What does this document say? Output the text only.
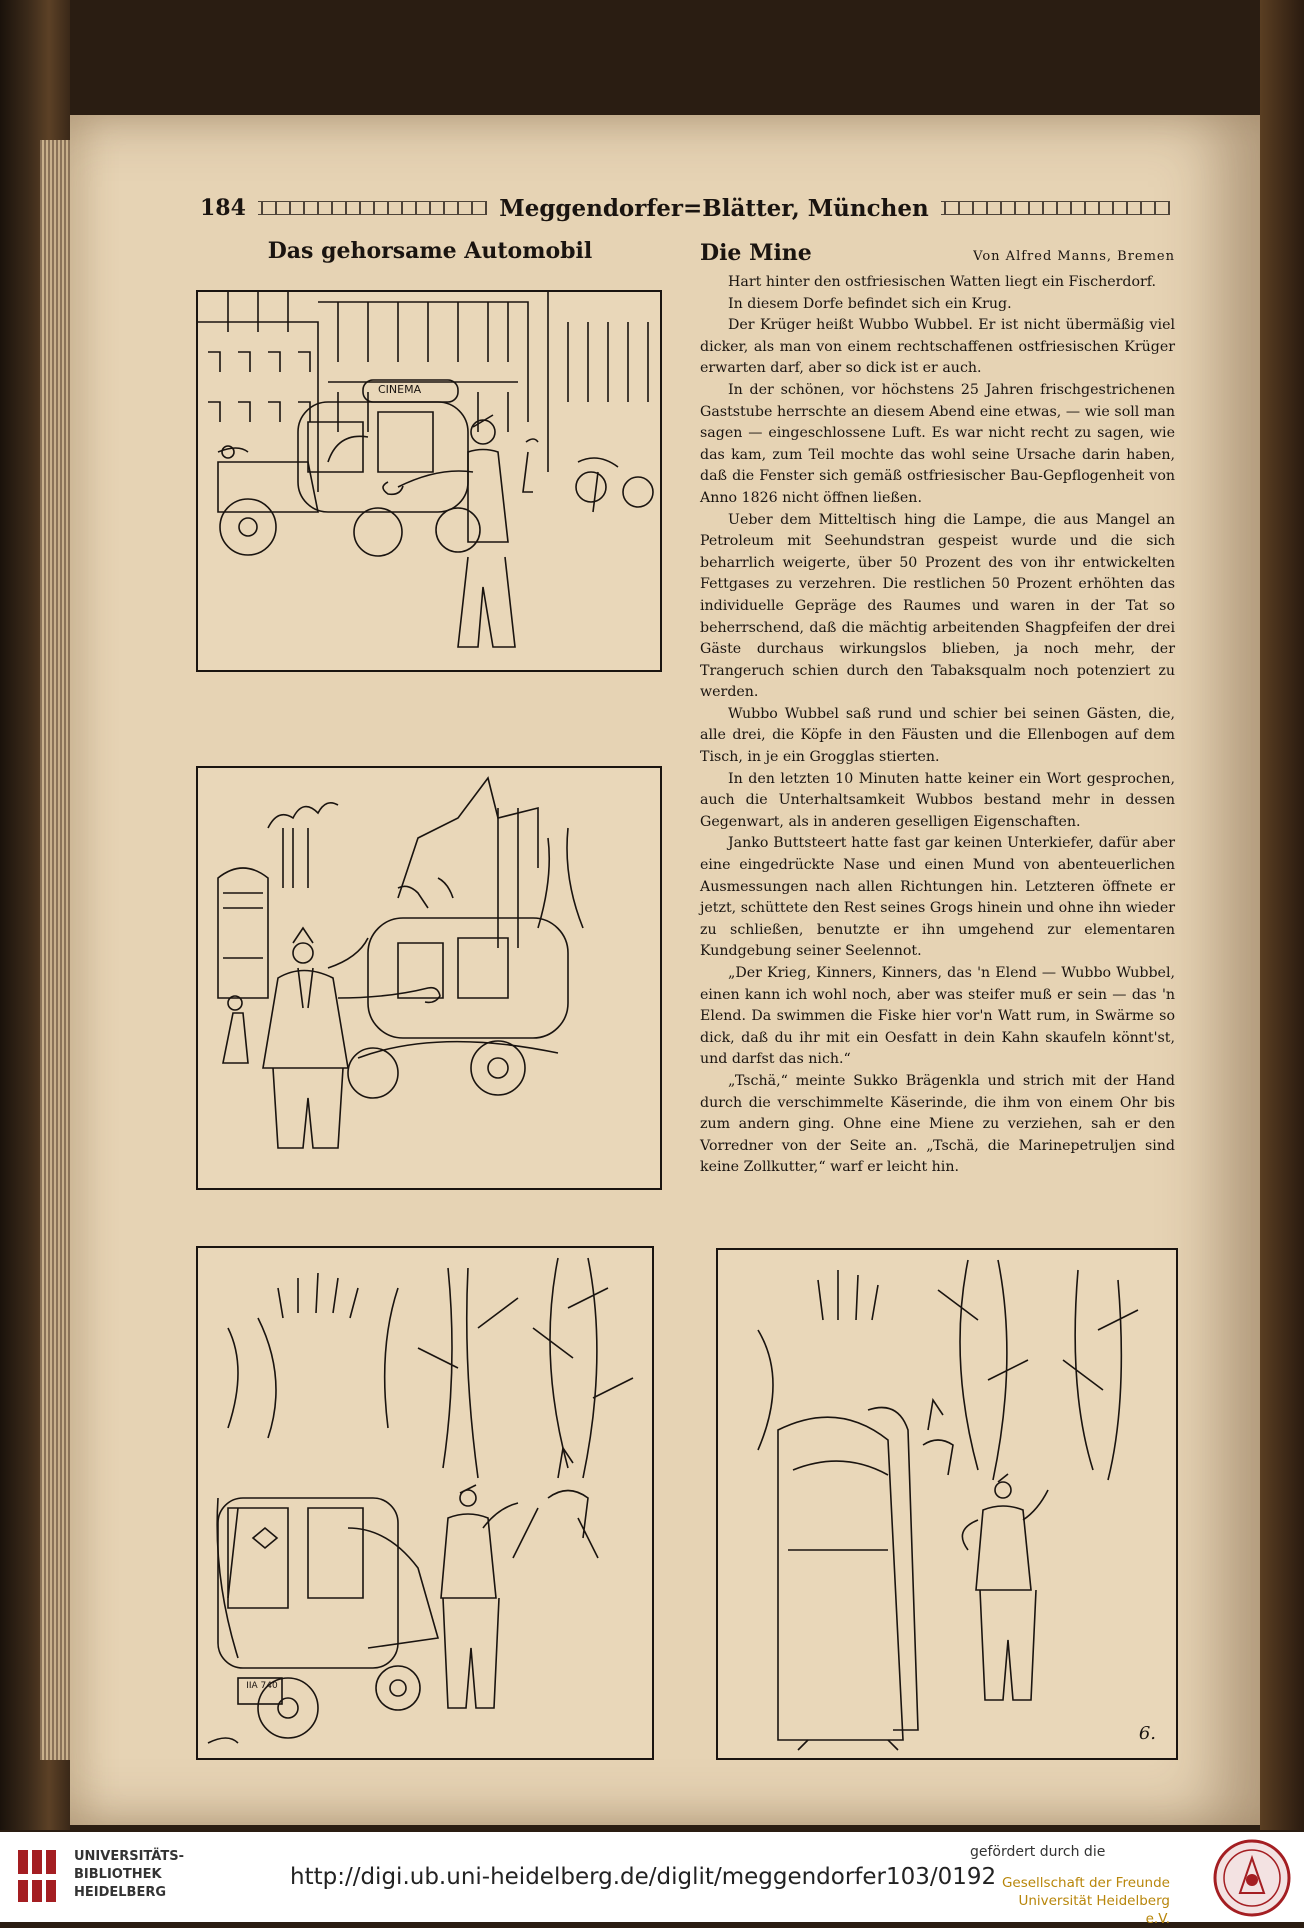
184	Meggendorfer=Blätter, München
Das gehorsame Automobil
CINEMA
IIA 740
6.
Die Mine	Von Alfred Manns, Bremen

Hart hinter den ostfriesischen Watten liegt ein Fischerdorf.

In diesem Dorfe befindet sich ein Krug.

Der Krüger heißt Wubbo Wubbel. Er ist nicht übermäßig viel dicker, als man von einem rechtschaffenen ostfriesischen Krüger erwarten darf, aber so dick ist er auch.

In der schönen, vor höchstens 25 Jahren frischgestrichenen Gaststube herrschte an diesem Abend eine etwas, — wie soll man sagen — eingeschlossene Luft. Es war nicht recht zu sagen, wie das kam, zum Teil mochte das wohl seine Ursache darin haben, daß die Fenster sich gemäß ostfriesischer Bau-Gepflogenheit von Anno 1826 nicht öffnen ließen.

Ueber dem Mitteltisch hing die Lampe, die aus Mangel an Petroleum mit Seehundstran gespeist wurde und die sich beharrlich weigerte, über 50 Prozent des von ihr entwickelten Fettgases zu verzehren. Die restlichen 50 Prozent erhöhten das individuelle Gepräge des Raumes und waren in der Tat so beherrschend, daß die mächtig arbeitenden Shagpfeifen der drei Gäste durchaus wirkungslos blieben, ja noch mehr, der Trangeruch schien durch den Tabaksqualm noch potenziert zu werden.

Wubbo Wubbel saß rund und schier bei seinen Gästen, die, alle drei, die Köpfe in den Fäusten und die Ellenbogen auf dem Tisch, in je ein Grogglas stierten.

In den letzten 10 Minuten hatte keiner ein Wort gesprochen, auch die Unterhaltsamkeit Wubbos bestand mehr in dessen Gegenwart, als in anderen geselligen Eigenschaften.

Janko Buttsteert hatte fast gar keinen Unterkiefer, dafür aber eine eingedrückte Nase und einen Mund von abenteuerlichen Ausmessungen nach allen Richtungen hin. Letzteren öffnete er jetzt, schüttete den Rest seines Grogs hinein und ohne ihn wieder zu schließen, benutzte er ihn umgehend zur elementaren Kundgebung seiner Seelennot.

„Der Krieg, Kinners, Kinners, das 'n Elend — Wubbo Wubbel, einen kann ich wohl noch, aber was steifer muß er sein — das 'n Elend. Da swimmen die Fiske hier vor'n Watt rum, in Swärme so dick, daß du ihr mit ein Oesfatt in dein Kahn skaufeln könnt'st, und darfst das nich.“

„Tschä,“ meinte Sukko Brägenkla und strich mit der Hand durch die verschimmelte Käserinde, die ihm von einem Ohr bis zum andern ging. Ohne eine Miene zu verziehen, sah er den Vorredner von der Seite an. „Tschä, die Marinepetruljen sind keine Zollkutter,“ warf er leicht hin.

UNIVERSITÄTS-
BIBLIOTHEK
HEIDELBERG
http://digi.ub.uni-heidelberg.de/diglit/meggendorfer103/0192
gefördert durch die
Gesellschaft der Freunde
Universität Heidelberg e.V.
